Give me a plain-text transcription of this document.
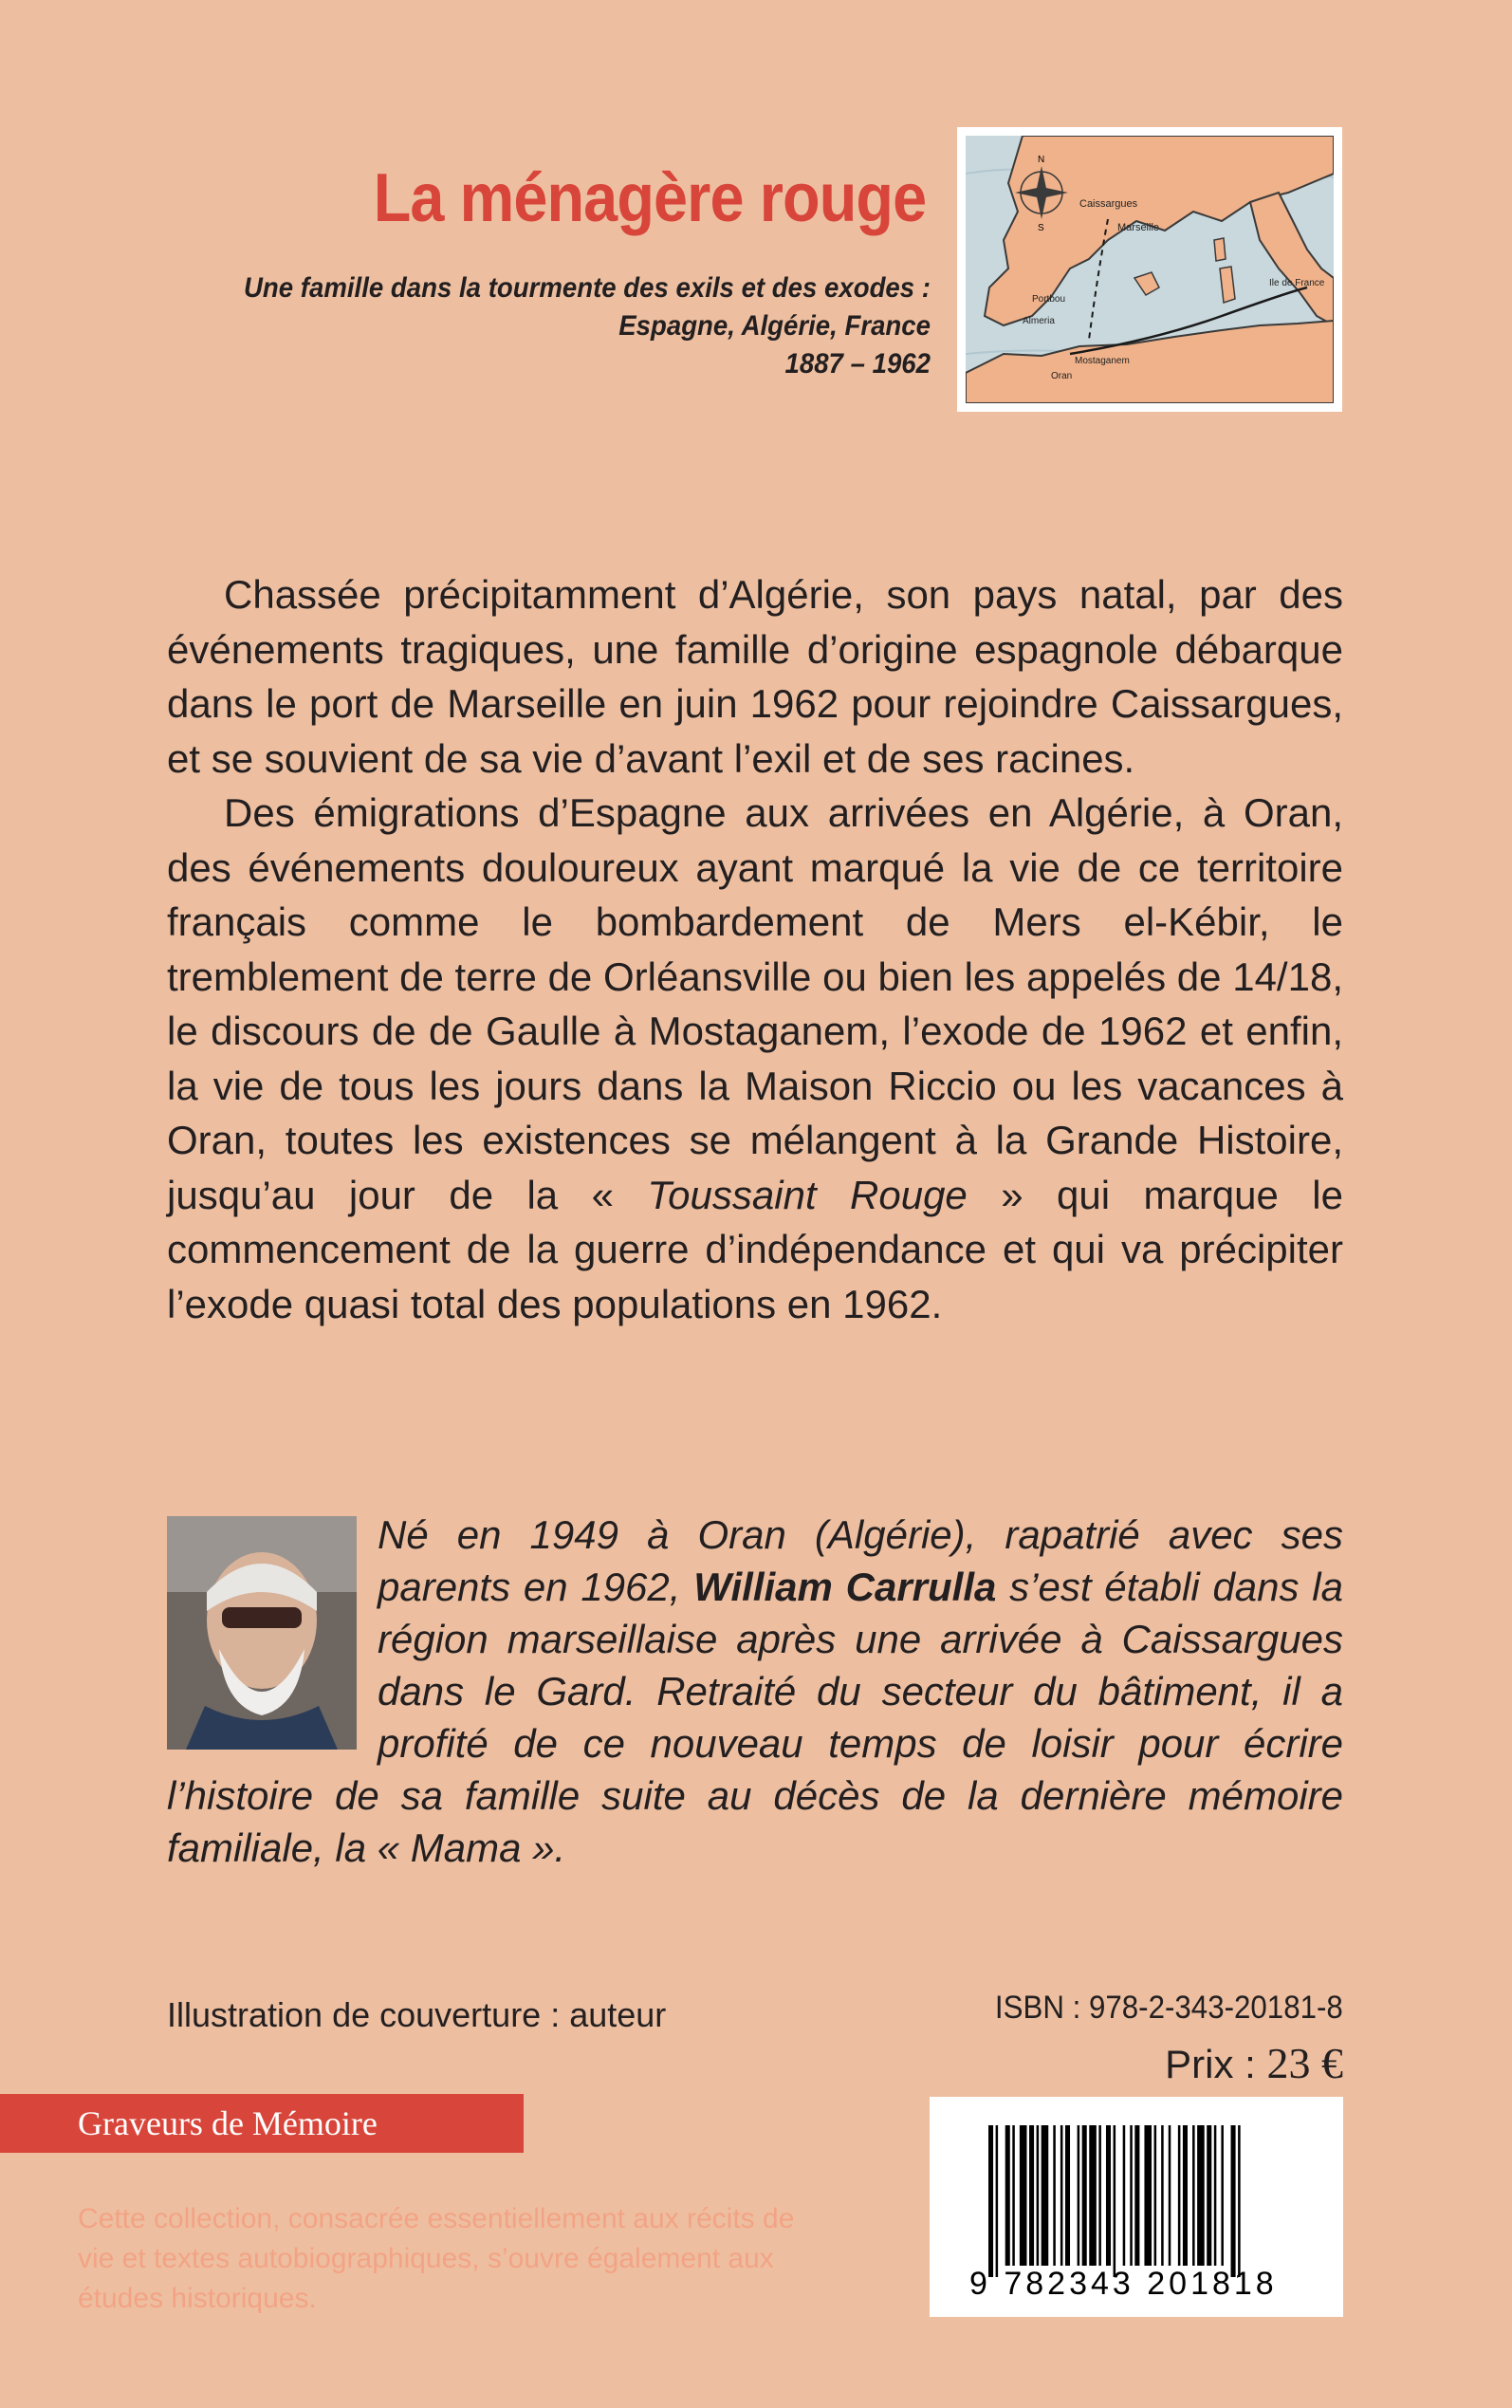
La ménagère rouge
Une famille dans la tourmente des exils et des exodes :
Espagne, Algérie, France
1887 – 1962
N
S
Caissargues
Marseille
Portbou
Almeria
Mostaganem
Oran
Ile de France

Chassée précipitamment d’Algérie, son pays natal, par des événements tragiques, une famille d’origine espagnole débarque dans le port de Marseille en juin 1962 pour rejoindre Caissargues, et se souvient de sa vie d’avant l’exil et de ses racines.

Des émigrations d’Espagne aux arrivées en Algérie, à Oran, des événements douloureux ayant marqué la vie de ce territoire français comme le bombardement de Mers el-Kébir, le tremblement de terre de Orléansville ou bien les appelés de 14/18, le discours de de Gaulle à Mostaganem, l’exode de 1962 et enfin, la vie de tous les jours dans la Maison Riccio ou les vacances à Oran, toutes les existences se mélangent à la Grande Histoire, jusqu’au jour de la « Toussaint Rouge » qui marque le commencement de la guerre d’indépendance et qui va précipiter l’exode quasi total des populations en 1962.

Né en 1949 à Oran (Algérie), rapatrié avec ses parents en 1962, William Carrulla s’est établi dans la région marseillaise après une arrivée à Caissargues dans le Gard. Retraité du secteur du bâtiment, il a profité de ce nouveau temps de loisir pour écrire l’histoire de sa famille suite au décès de la dernière mémoire familiale, la « Mama ».
Illustration de couverture : auteur	ISBN : 978-2-343-20181-8
Prix : 23 €
Graveurs de Mémoire
Cette collection, consacrée essentiellement aux récits de vie et textes autobiographiques, s’ouvre également aux études historiques.	9 782343 201818
